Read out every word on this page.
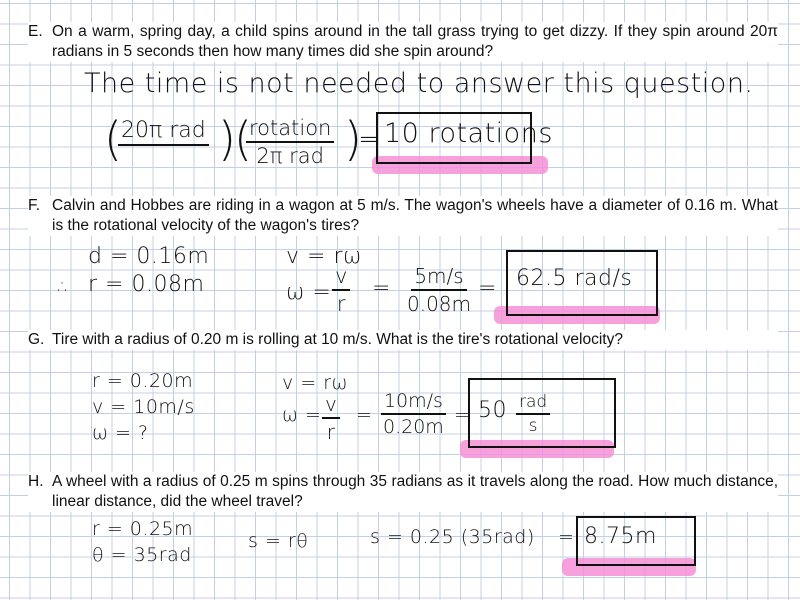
E. On a warm, spring day, a child spins around in the tall grass trying to get dizzy. If they spin around 20π radians in 5 seconds then how many times did she spin around?
The time is not needed to answer this question.
( 20π rad )
(
rotation
2π rad )
= 10 rotations
F. Calvin and Hobbes are riding in a wagon at 5 m/s. The wagon's wheels have a diameter of 0.16 m. What is the rotational velocity of the wagon's tires?
d = 0.16m
∴ r = 0.08m
v = rω
$\omega = \frac{v}{r} = \frac{5m/s}{0.08m} = 62.5$ rad/s
G. Tire with a radius of 0.20 m is rolling at 10 m/s. What is the tire's rotational velocity?
r = 0.20m
v = 10m/s
ω = ?
v = rω
$\omega = \frac{v}{r} = \frac{10m/s}{0.20m} = 50$ rad
s
H. A wheel with a radius of 0.25 m spins through 35 radians as it travels along the road. How much distance, linear distance, did the wheel travel?
r = 0.25m
θ = 35rad
s = rθ	s = 0.25 (35rad) = 8.75m
